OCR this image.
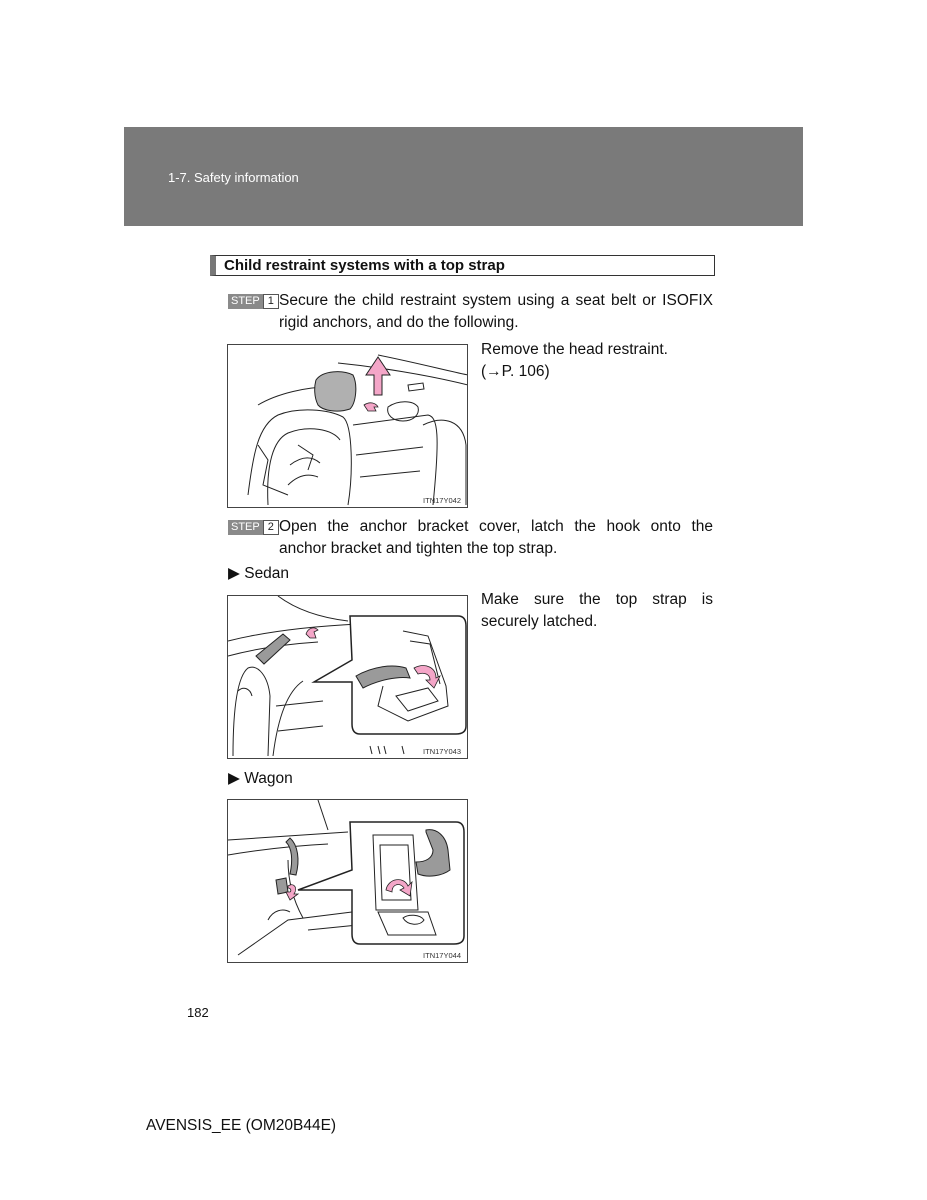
1-7. Safety information
Child restraint systems with a top strap
STEP 1 Secure the child restraint system using a seat belt or ISOFIX
rigid anchors, and do the following.
ITN17Y042
Remove the head restraint.
(→P. 106)
STEP 2 Open the anchor bracket cover, latch the hook onto the
anchor bracket and tighten the top strap.
▶ Sedan
ITN17Y043
Make sure the top strap is
securely latched.
▶ Wagon
ITN17Y044
182
AVENSIS_EE (OM20B44E)
